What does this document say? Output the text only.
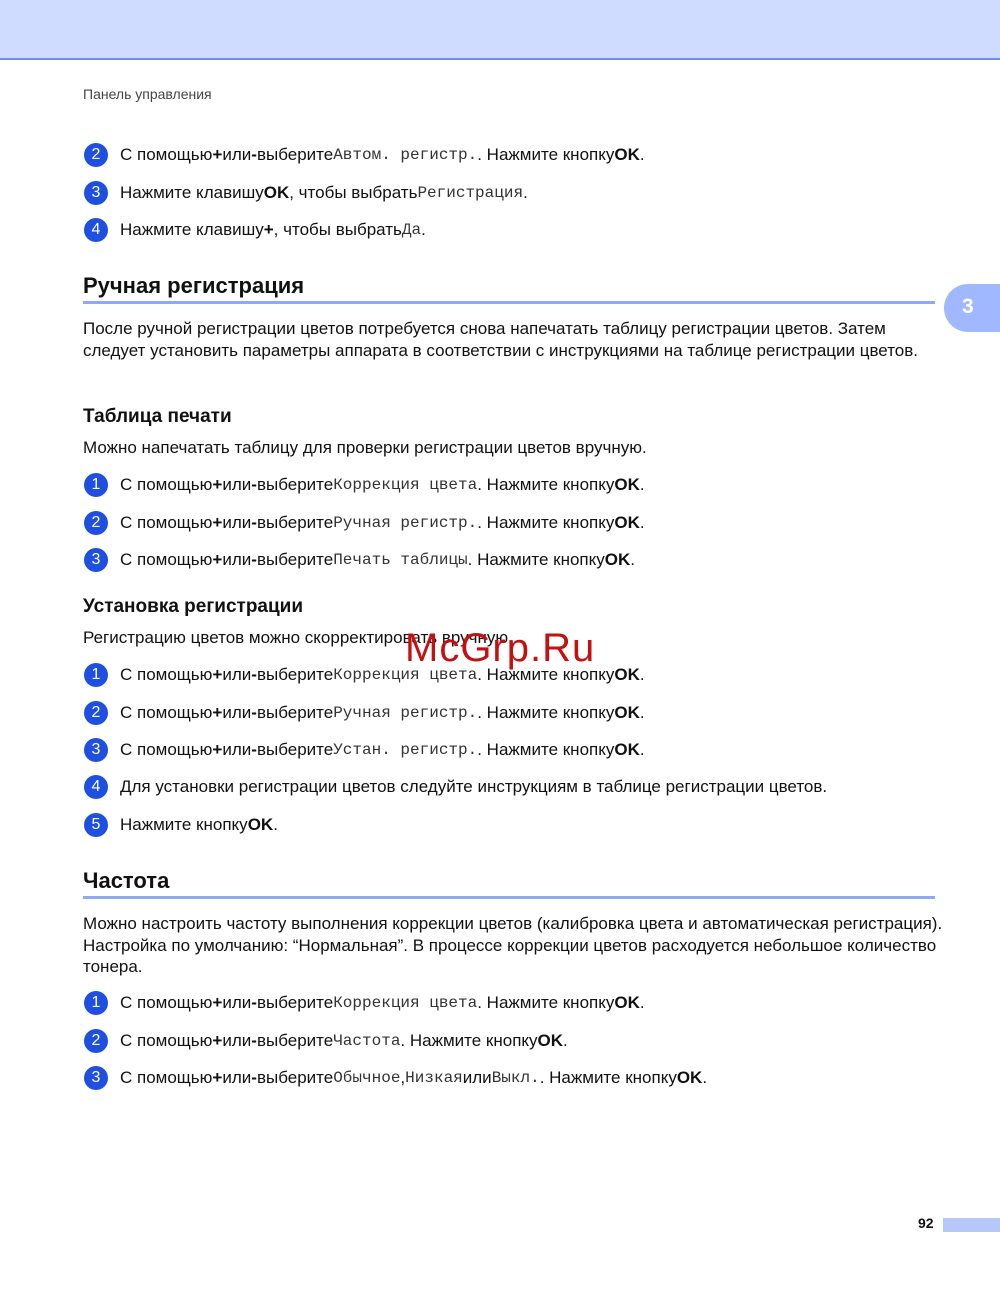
Панель управления
3
2	С помощью + или - выберите Автом. регистр. . Нажмите кнопку OK .
3	Нажмите клавишу OK , чтобы выбрать Регистрация .
4	Нажмите клавишу + , чтобы выбрать Да .
Ручная регистрация
После ручной регистрации цветов потребуется снова напечатать таблицу регистрации цветов. Затем следует установить параметры аппарата в соответствии с инструкциями на таблице регистрации цветов.
Таблица печати
Можно напечатать таблицу для проверки регистрации цветов вручную.
1	С помощью + или - выберите Коррекция цвета . Нажмите кнопку OK .
2	С помощью + или - выберите Ручная регистр. . Нажмите кнопку OK .
3	С помощью + или - выберите Печать таблицы . Нажмите кнопку OK .
Установка регистрации
Регистрацию цветов можно скорректировать вручную.
1	С помощью + или - выберите Коррекция цвета . Нажмите кнопку OK .
2	С помощью + или - выберите Ручная регистр. . Нажмите кнопку OK .
3	С помощью + или - выберите Устан. регистр. . Нажмите кнопку OK .
4	Для установки регистрации цветов следуйте инструкциям в таблице регистрации цветов.
5	Нажмите кнопку OK .
Частота
Можно настроить частоту выполнения коррекции цветов (калибровка цвета и автоматическая регистрация). Настройка по умолчанию: “Нормальная”. В процессе коррекции цветов расходуется небольшое количество тонера.
1	С помощью + или - выберите Коррекция цвета . Нажмите кнопку OK .
2	С помощью + или - выберите Частота . Нажмите кнопку OK .
3	С помощью + или - выберите Обычное , Низкая или Выкл. . Нажмите кнопку OK .
McGrp.Ru
92
